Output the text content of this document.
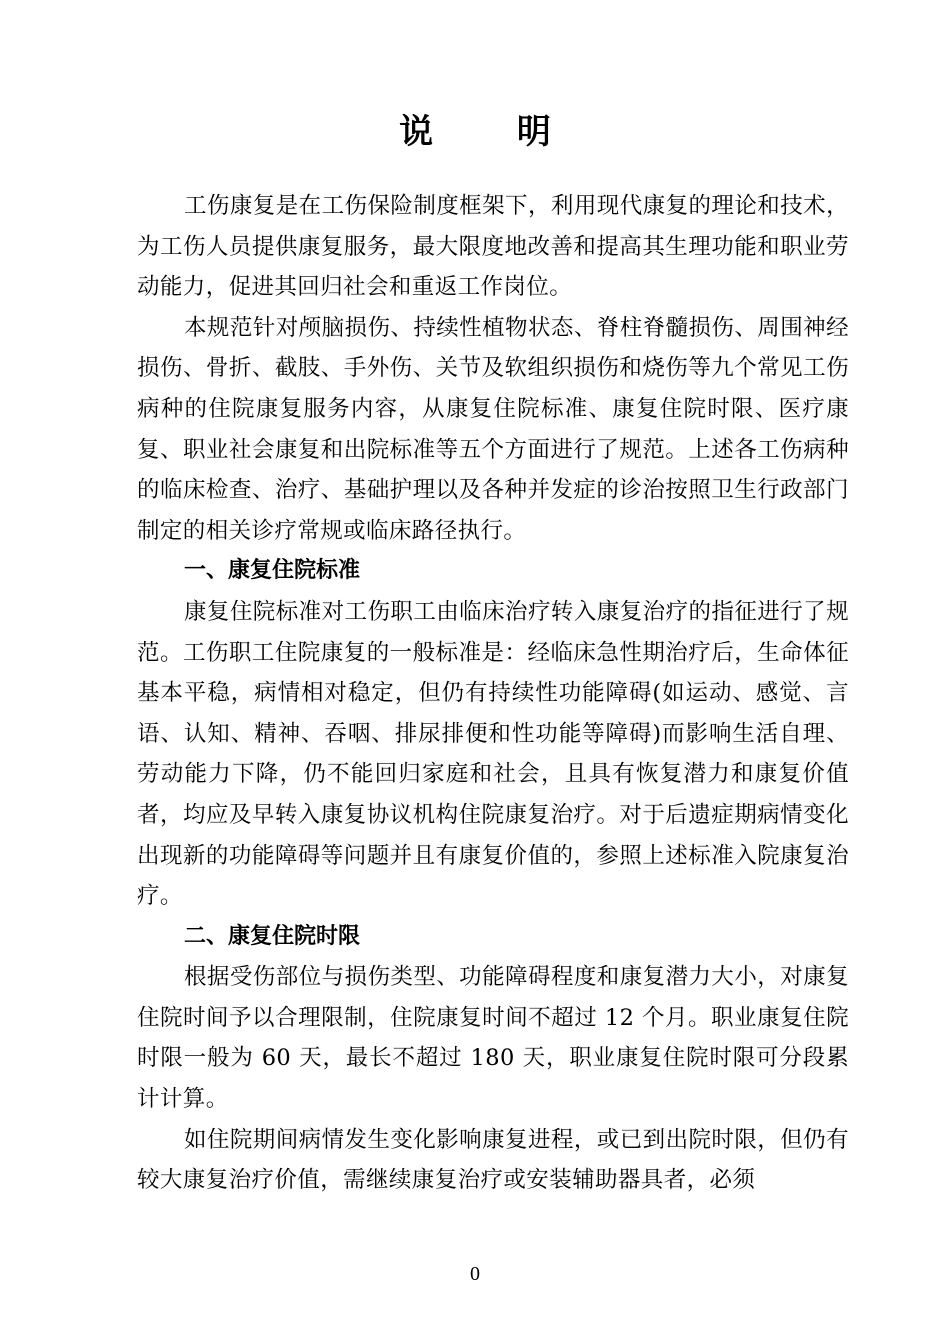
说 明

工伤康复是在工伤保险制度框架下，利用现代康复的理论和技术，为工伤人员提供康复服务，最大限度地改善和提高其生理功能和职业劳动能力，促进其回归社会和重返工作岗位。

本规范针对颅脑损伤、持续性植物状态、脊柱脊髓损伤、周围神经损伤、骨折、截肢、手外伤、关节及软组织损伤和烧伤等九个常见工伤病种的住院康复服务内容，从康复住院标准、康复住院时限、医疗康复、职业社会康复和出院标准等五个方面进行了规范。上述各工伤病种的临床检查、治疗、基础护理以及各种并发症的诊治按照卫生行政部门制定的相关诊疗常规或临床路径执行。

一、康复住院标准

康复住院标准对工伤职工由临床治疗转入康复治疗的指征进行了规范。工伤职工住院康复的一般标准是：经临床急性期治疗后，生命体征基本平稳，病情相对稳定，但仍有持续性功能障碍(如运动、感觉、言语、认知、精神、吞咽、排尿排便和性功能等障碍)而影响生活自理、劳动能力下降，仍不能回归家庭和社会，且具有恢复潜力和康复价值者，均应及早转入康复协议机构住院康复治疗。对于后遗症期病情变化出现新的功能障碍等问题并且有康复价值的，参照上述标准入院康复治疗。

二、康复住院时限

根据受伤部位与损伤类型、功能障碍程度和康复潜力大小，对康复住院时间予以合理限制，住院康复时间不超过 12 个月。职业康复住院时限一般为 60 天，最长不超过 180 天，职业康复住院时限可分段累计计算。

如住院期间病情发生变化影响康复进程，或已到出院时限，但仍有较大康复治疗价值，需继续康复治疗或安装辅助器具者，必须

0
